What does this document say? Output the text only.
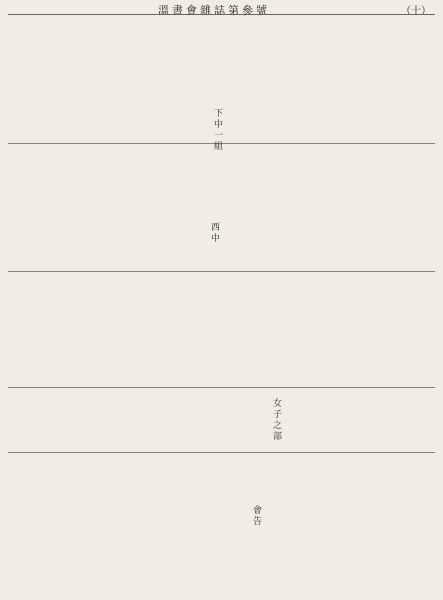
溫書會雜誌第參號	（十）
下中一組
西中
女子之部
會告
